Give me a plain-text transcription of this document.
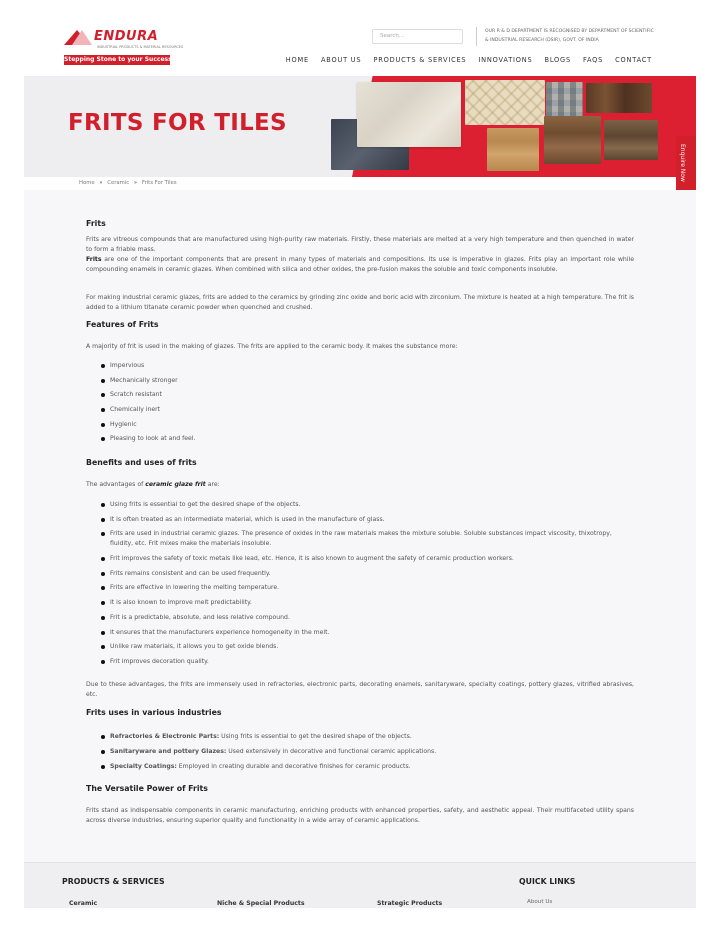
ENDURA
INDUSTRIAL PRODUCTS & MATERIAL RESOURCES
Stepping Stone to your Success.
Search...
OUR R & D DEPARTMENT IS RECOGNISED BY DEPARTMENT OF SCIENTIFIC & INDUSTRIAL RESEARCH (DSIR), GOVT. OF INDIA
HOME ABOUT US PRODUCTS & SERVICES INNOVATIONS BLOGS FAQS CONTACT
FRITS FOR TILES
Home » Ceramic » Frits For Tiles
Enquire Now
Frits
Frits are vitreous compounds that are manufactured using high-purity raw materials. Firstly, these materials are melted at a very high temperature and then quenched in water to form a friable mass.
Frits are one of the important components that are present in many types of materials and compositions. Its use is imperative in glazes. Frits play an important role while compounding enamels in ceramic glazes. When combined with silica and other oxides, the pre-fusion makes the soluble and toxic components insoluble.
For making industrial ceramic glazes, frits are added to the ceramics by grinding zinc oxide and boric acid with zirconium. The mixture is heated at a high temperature. The frit is added to a lithium titanate ceramic powder when quenched and crushed.
Features of Frits
A majority of frit is used in the making of glazes. The frits are applied to the ceramic body. It makes the substance more:
Impervious
Mechanically stronger
Scratch resistant
Chemically inert
Hygienic
Pleasing to look at and feel.
Benefits and uses of frits
The advantages of ceramic glaze frit are:
Using frits is essential to get the desired shape of the objects.
It is often treated as an intermediate material, which is used in the manufacture of glass.
Frits are used in industrial ceramic glazes. The presence of oxides in the raw materials makes the mixture soluble. Soluble substances impact viscosity, thixotropy, fluidity, etc. Frit mixes make the materials insoluble.
Frit improves the safety of toxic metals like lead, etc. Hence, it is also known to augment the safety of ceramic production workers.
Frits remains consistent and can be used frequently.
Frits are effective in lowering the melting temperature.
It is also known to improve melt predictability.
Frit is a predictable, absolute, and less relative compound.
It ensures that the manufacturers experience homogeneity in the melt.
Unlike raw materials, it allows you to get oxide blends.
Frit improves decoration quality.
Due to these advantages, the frits are immensely used in refractories, electronic parts, decorating enamels, sanitaryware, specialty coatings, pottery glazes, vitrified abrasives, etc.
Frits uses in various industries
Refractories & Electronic Parts: Using frits is essential to get the desired shape of the objects.
Sanitaryware and pottery Glazes: Used extensively in decorative and functional ceramic applications.
Specialty Coatings: Employed in creating durable and decorative finishes for ceramic products.
The Versatile Power of Frits
Frits stand as indispensable components in ceramic manufacturing, enriching products with enhanced properties, safety, and aesthetic appeal. Their multifaceted utility spans across diverse industries, ensuring superior quality and functionality in a wide array of ceramic applications.
PRODUCTS & SERVICES
Ceramic	Niche & Special Products	Strategic Products
QUICK LINKS
About Us
